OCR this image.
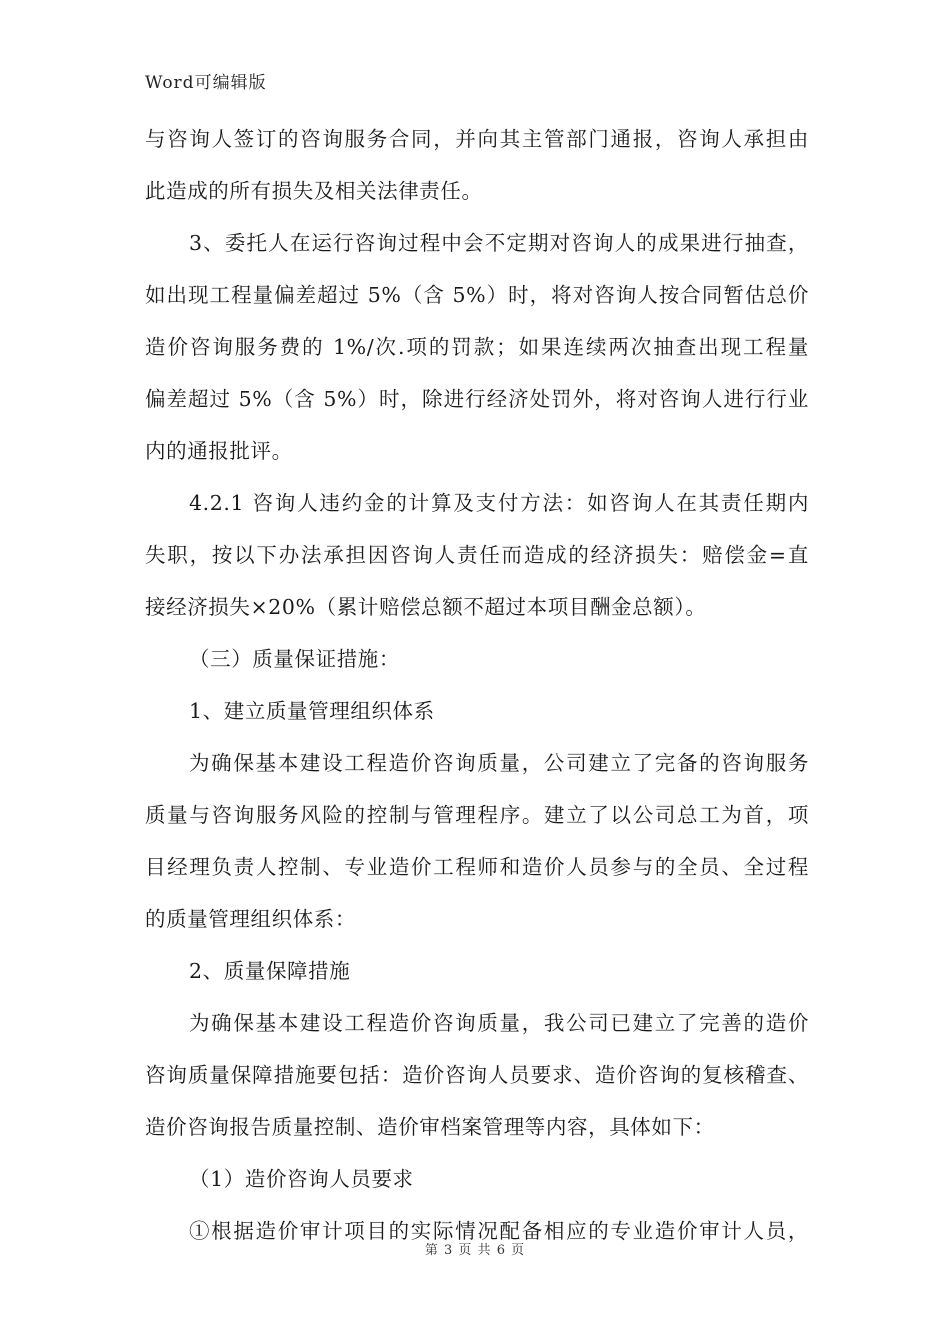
Word可编辑版
与咨询人签订的咨询服务合同，并向其主管部门通报，咨询人承担由
此造成的所有损失及相关法律责任。
3、委托人在运行咨询过程中会不定期对咨询人的成果进行抽查，
如出现工程量偏差超过 5%（含 5%）时，将对咨询人按合同暂估总价
造价咨询服务费的 1%/次.项的罚款；如果连续两次抽查出现工程量
偏差超过 5%（含 5%）时，除进行经济处罚外，将对咨询人进行行业
内的通报批评。
4.2.1 咨询人违约金的计算及支付方法：如咨询人在其责任期内
失职，按以下办法承担因咨询人责任而造成的经济损失：赔偿金=直
接经济损失×20%（累计赔偿总额不超过本项目酬金总额）。
（三）质量保证措施：
1、建立质量管理组织体系
为确保基本建设工程造价咨询质量，公司建立了完备的咨询服务
质量与咨询服务风险的控制与管理程序。建立了以公司总工为首，项
目经理负责人控制、专业造价工程师和造价人员参与的全员、全过程
的质量管理组织体系：
2、质量保障措施
为确保基本建设工程造价咨询质量，我公司已建立了完善的造价
咨询质量保障措施要包括：造价咨询人员要求、造价咨询的复核稽查、
造价咨询报告质量控制、造价审档案管理等内容，具体如下：
（1）造价咨询人员要求
①根据造价审计项目的实际情况配备相应的专业造价审计人员，
第 3 页 共 6 页
